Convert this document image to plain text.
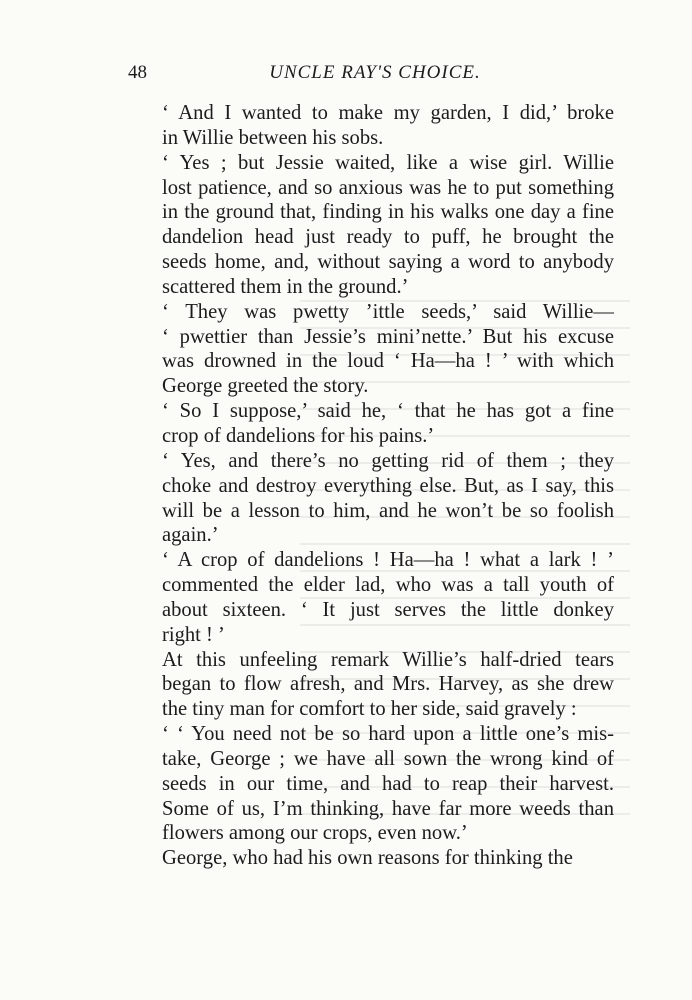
48	UNCLE RAY'S CHOICE.

‘ And I wanted to make my garden, I did,’ broke
in Willie between his sobs.

‘ Yes ; but Jessie waited, like a wise girl. Willie
lost patience, and so anxious was he to put something
in the ground that, finding in his walks one day a fine
dandelion head just ready to puff, he brought the
seeds home, and, without saying a word to anybody
scattered them in the ground.’

‘ They was pwetty ’ittle seeds,’ said Willie—
‘ pwettier than Jessie’s mini’nette.’ But his excuse
was drowned in the loud ‘ Ha—ha ! ’ with which
George greeted the story.

‘ So I suppose,’ said he, ‘ that he has got a fine
crop of dandelions for his pains.’

‘ Yes, and there’s no getting rid of them ; they
choke and destroy everything else. But, as I say, this
will be a lesson to him, and he won’t be so foolish
again.’

‘ A crop of dandelions ! Ha—ha ! what a lark ! ’
commented the elder lad, who was a tall youth of
about sixteen. ‘ It just serves the little donkey
right ! ’

At this unfeeling remark Willie’s half-dried tears
began to flow afresh, and Mrs. Harvey, as she drew
the tiny man for comfort to her side, said gravely :

‘ ‘ You need not be so hard upon a little one’s mis-
take, George ; we have all sown the wrong kind of
seeds in our time, and had to reap their harvest.
Some of us, I’m thinking, have far more weeds than
flowers among our crops, even now.’

George, who had his own reasons for thinking the
